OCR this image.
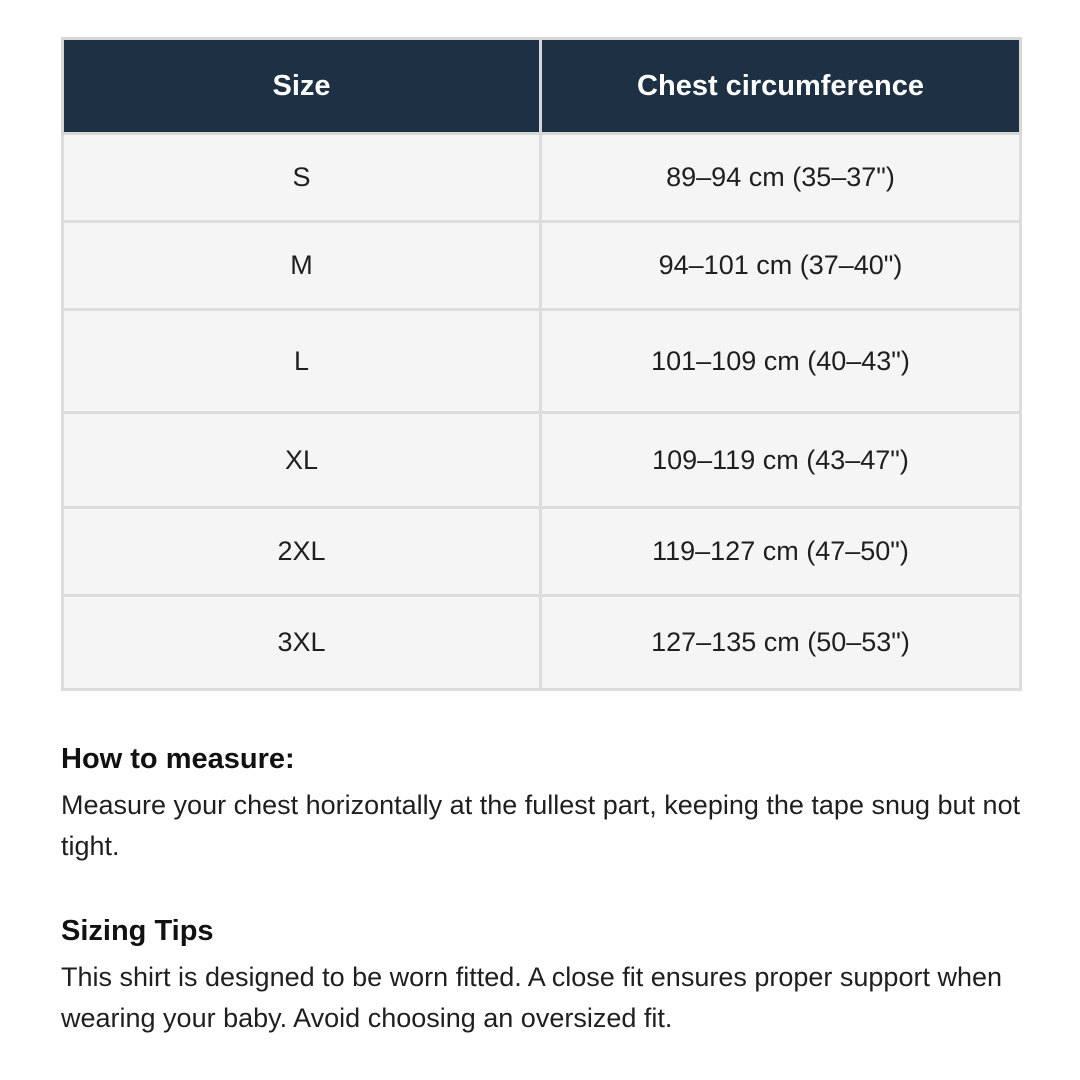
Size	Chest circumference
S	89–94 cm (35–37")
M	94–101 cm (37–40")
L	101–109 cm (40–43")
XL	109–119 cm (43–47")
2XL	119–127 cm (47–50")
3XL	127–135 cm (50–53")
How to measure:

Measure your chest horizontally at the fullest part, keeping the tape snug but not tight.

Sizing Tips

This shirt is designed to be worn fitted. A close fit ensures proper support when wearing your baby. Avoid choosing an oversized fit.
